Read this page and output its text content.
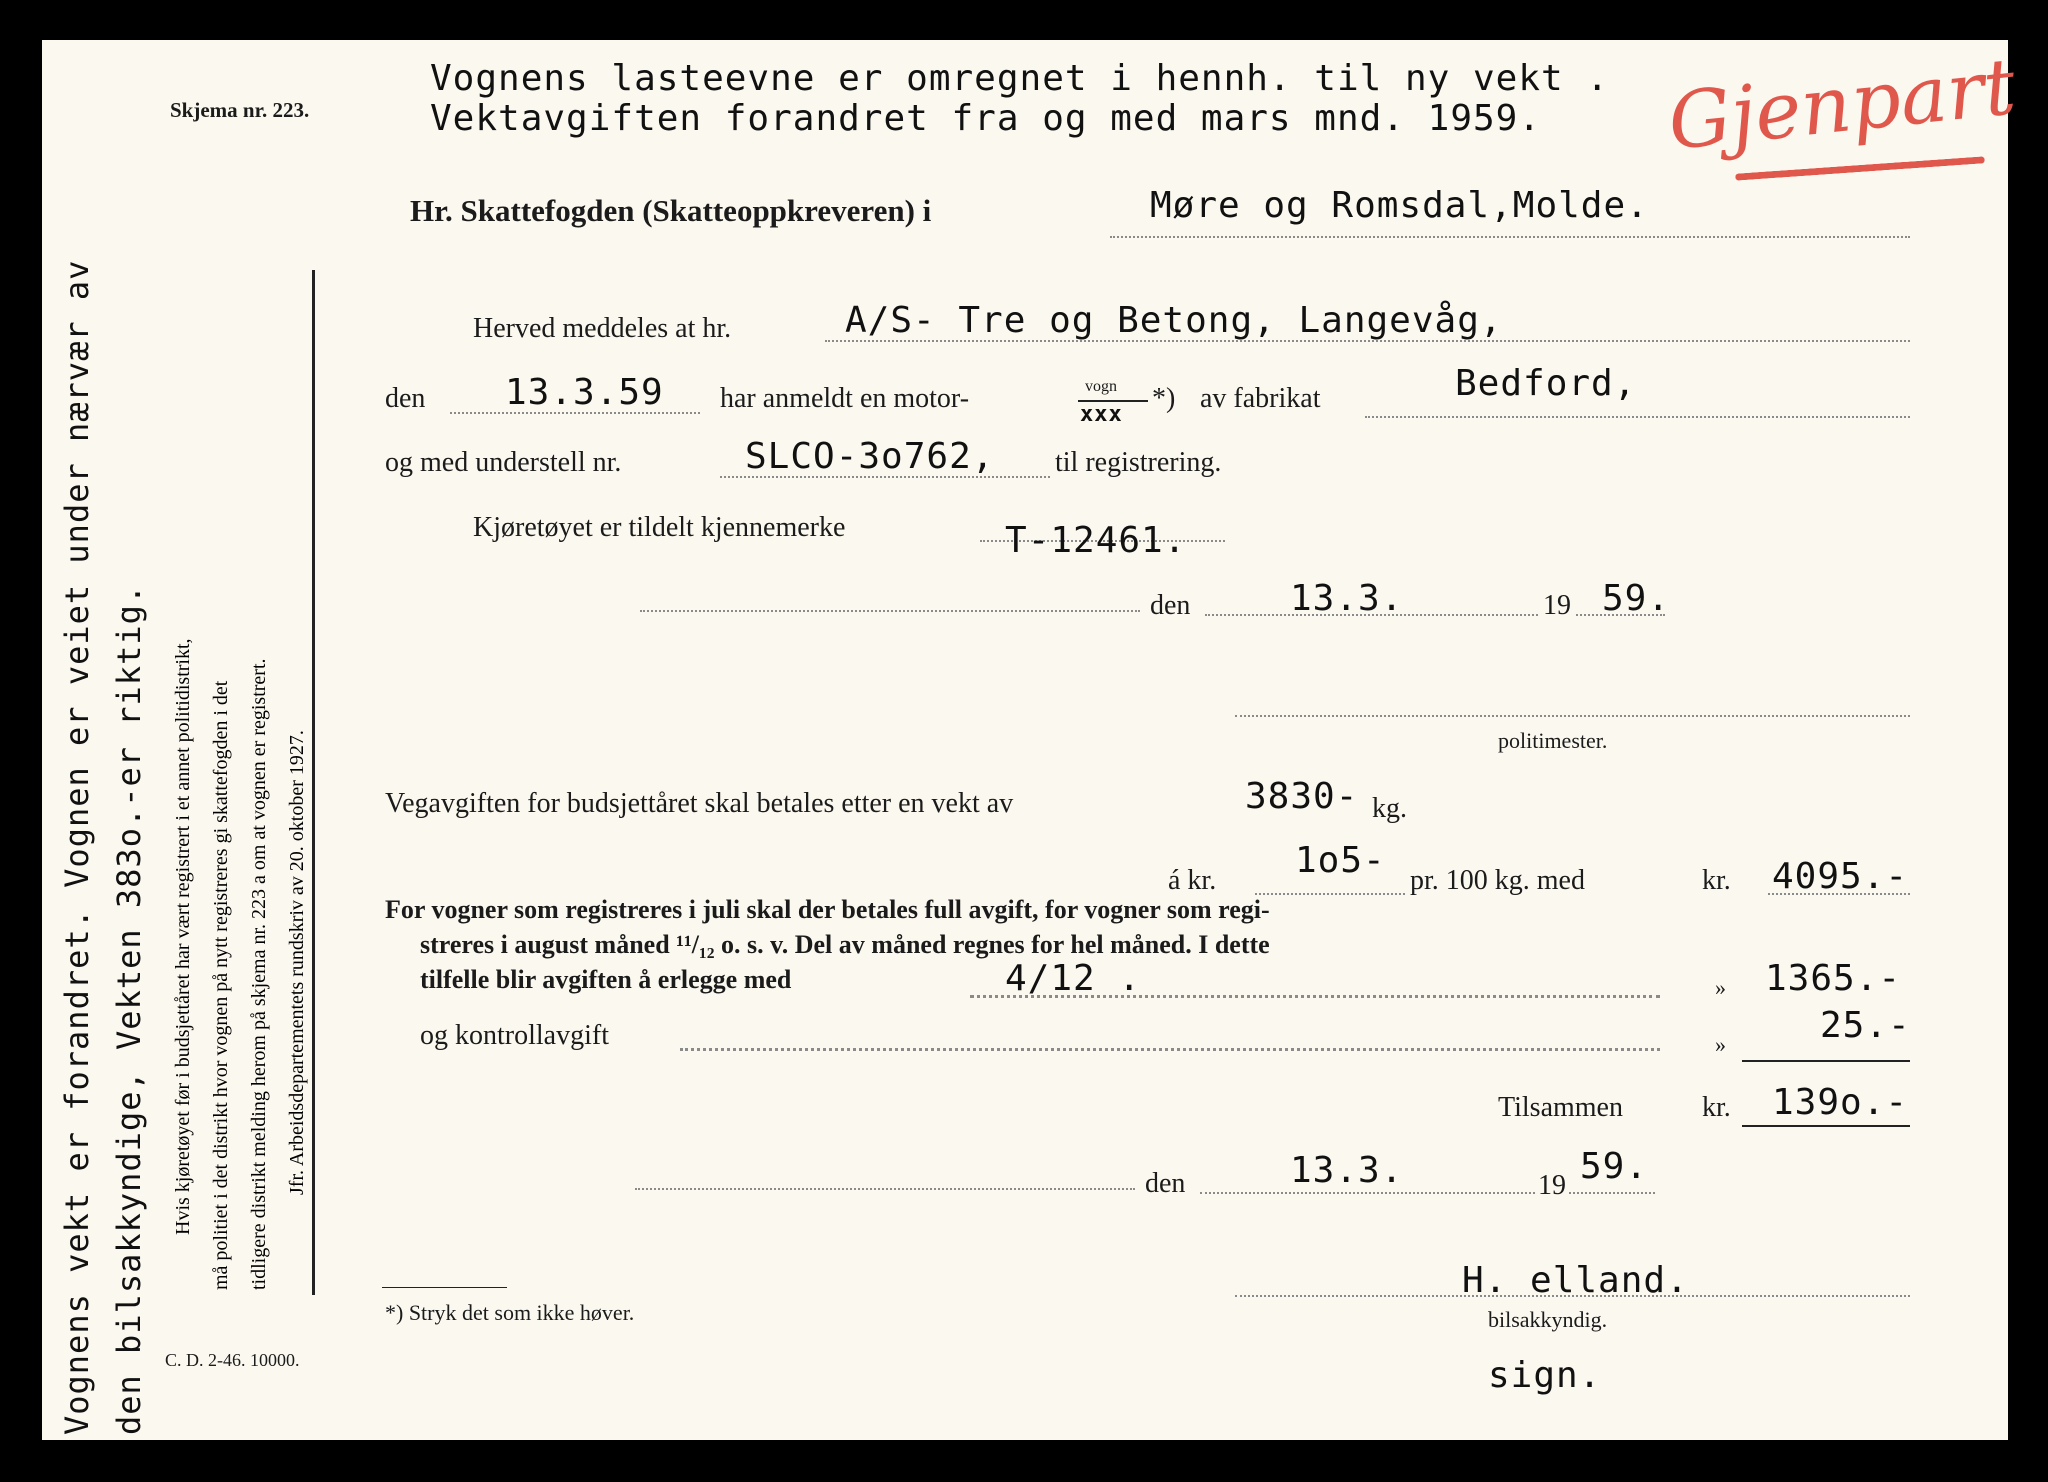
Skjema nr. 223.
Vognens lasteevne er omregnet i hennh. til ny vekt .
Vektavgiften forandret fra og med mars mnd. 1959. Gjenpart
Hr. Skattefogden (Skatteoppkreveren) i	Møre og Romsdal,Molde.
Herved meddeles at hr.	A/S- Tre og Betong, Langevåg,
den 13.3.59 har anmeldt en motor-	vogn
xxx
*) av fabrikat	Bedford,
og med understell nr.	SLCO-3o762, til registrering.
Kjøretøyet er tildelt kjennemerke	T-12461.
den	13.3.	19 59.
politimester.
Vegavgiften for budsjettåret skal betales etter en vekt av	3830- kg.
á kr. 1o5- pr. 100 kg. med	kr. 4095.-
For vogner som registreres i juli skal der betales full avgift, for vogner som regi-
streres i august måned ¹¹/₁₂ o. s. v. Del av måned regnes for hel måned. I dette
tilfelle blir avgiften å erlegge med	4/12 .	» 1365.-
og kontrollavgift	»	25.-
Tilsammen	kr. 139o.-
den	13.3.	19 59.
H. elland.
bilsakkyndig.
sign.
*) Stryk det som ikke høver.
C. D. 2-46. 10000.
Hvis kjøretøyet før i budsjettåret har vært registrert i et annet politidistrikt, må politiet i det distrikt hvor vognen på nytt registreres gi skattefogden i det tidligere distrikt melding herom på skjema nr. 223 a om at vognen er registrert. Jfr. Arbeidsdepartementets rundskriv av 20. oktober 1927.
Vognens vekt er forandret. Vognen er veiet under nærvær av den bilsakkyndige, Vekten 383o.-er riktig.
